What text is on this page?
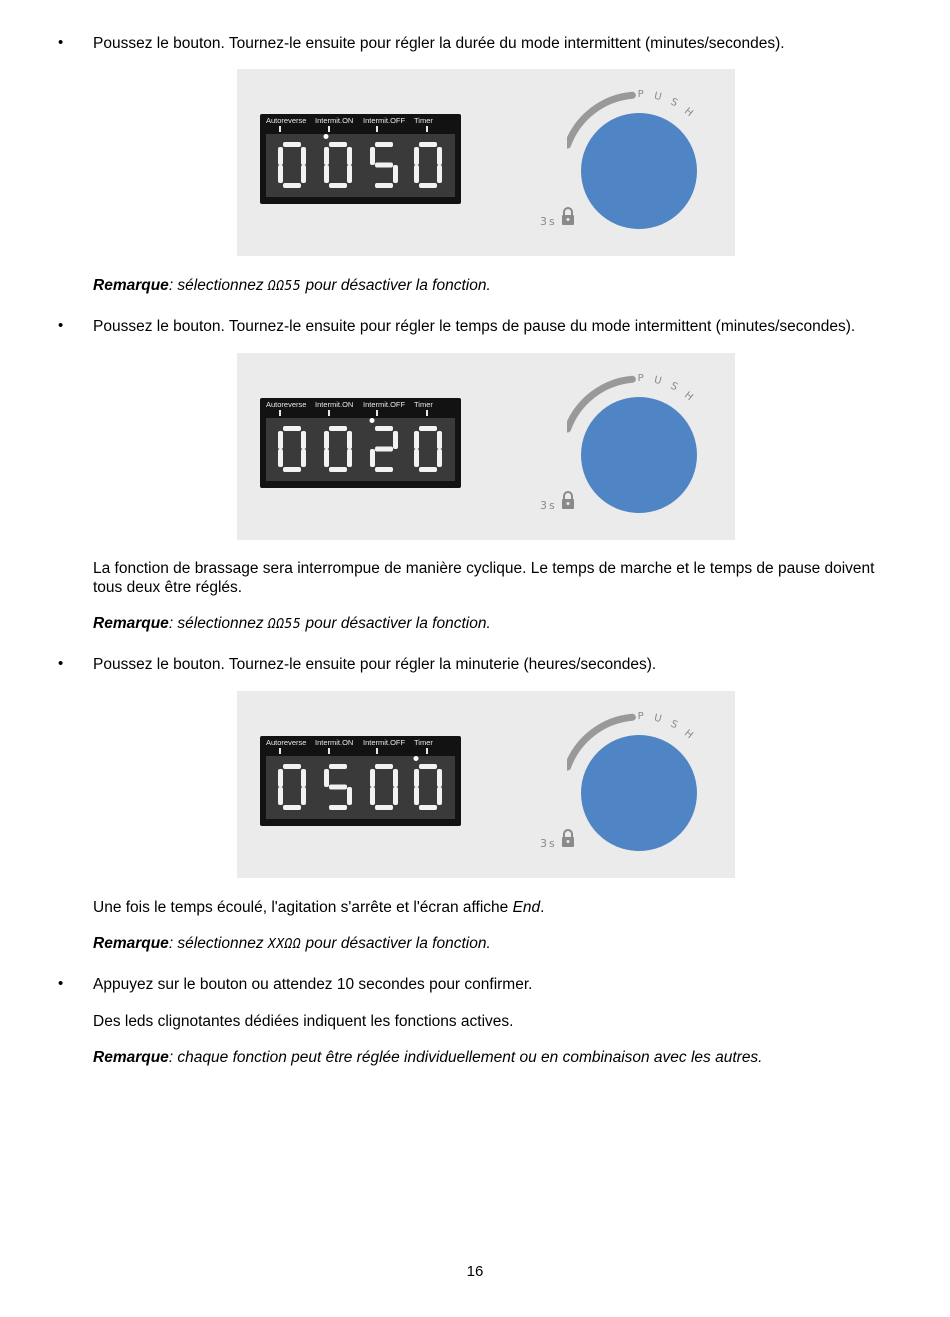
• Poussez le bouton. Tournez-le ensuite pour régler la durée du mode intermittent (minutes/secondes).
Autoreverse Intermit.ON Intermit.OFF Timer
P U S
H
3s
Remarque: sélectionnez ΩΩ55 pour désactiver la fonction.
• Poussez le bouton. Tournez-le ensuite pour régler le temps de pause du mode intermittent (minutes/secondes).
Autoreverse Intermit.ON Intermit.OFF Timer
P U S
H
3s
La fonction de brassage sera interrompue de manière cyclique. Le temps de marche et le temps de pause doivent tous deux être réglés.
Remarque: sélectionnez ΩΩ55 pour désactiver la fonction.
• Poussez le bouton. Tournez-le ensuite pour régler la minuterie (heures/secondes).
Autoreverse Intermit.ON Intermit.OFF Timer
P U S
H
3s
Une fois le temps écoulé, l'agitation s'arrête et l'écran affiche End.
Remarque: sélectionnez XXΩΩ pour désactiver la fonction.
• Appuyez sur le bouton ou attendez 10 secondes pour confirmer.
Des leds clignotantes dédiées indiquent les fonctions actives.
Remarque: chaque fonction peut être réglée individuellement ou en combinaison avec les autres.
16
